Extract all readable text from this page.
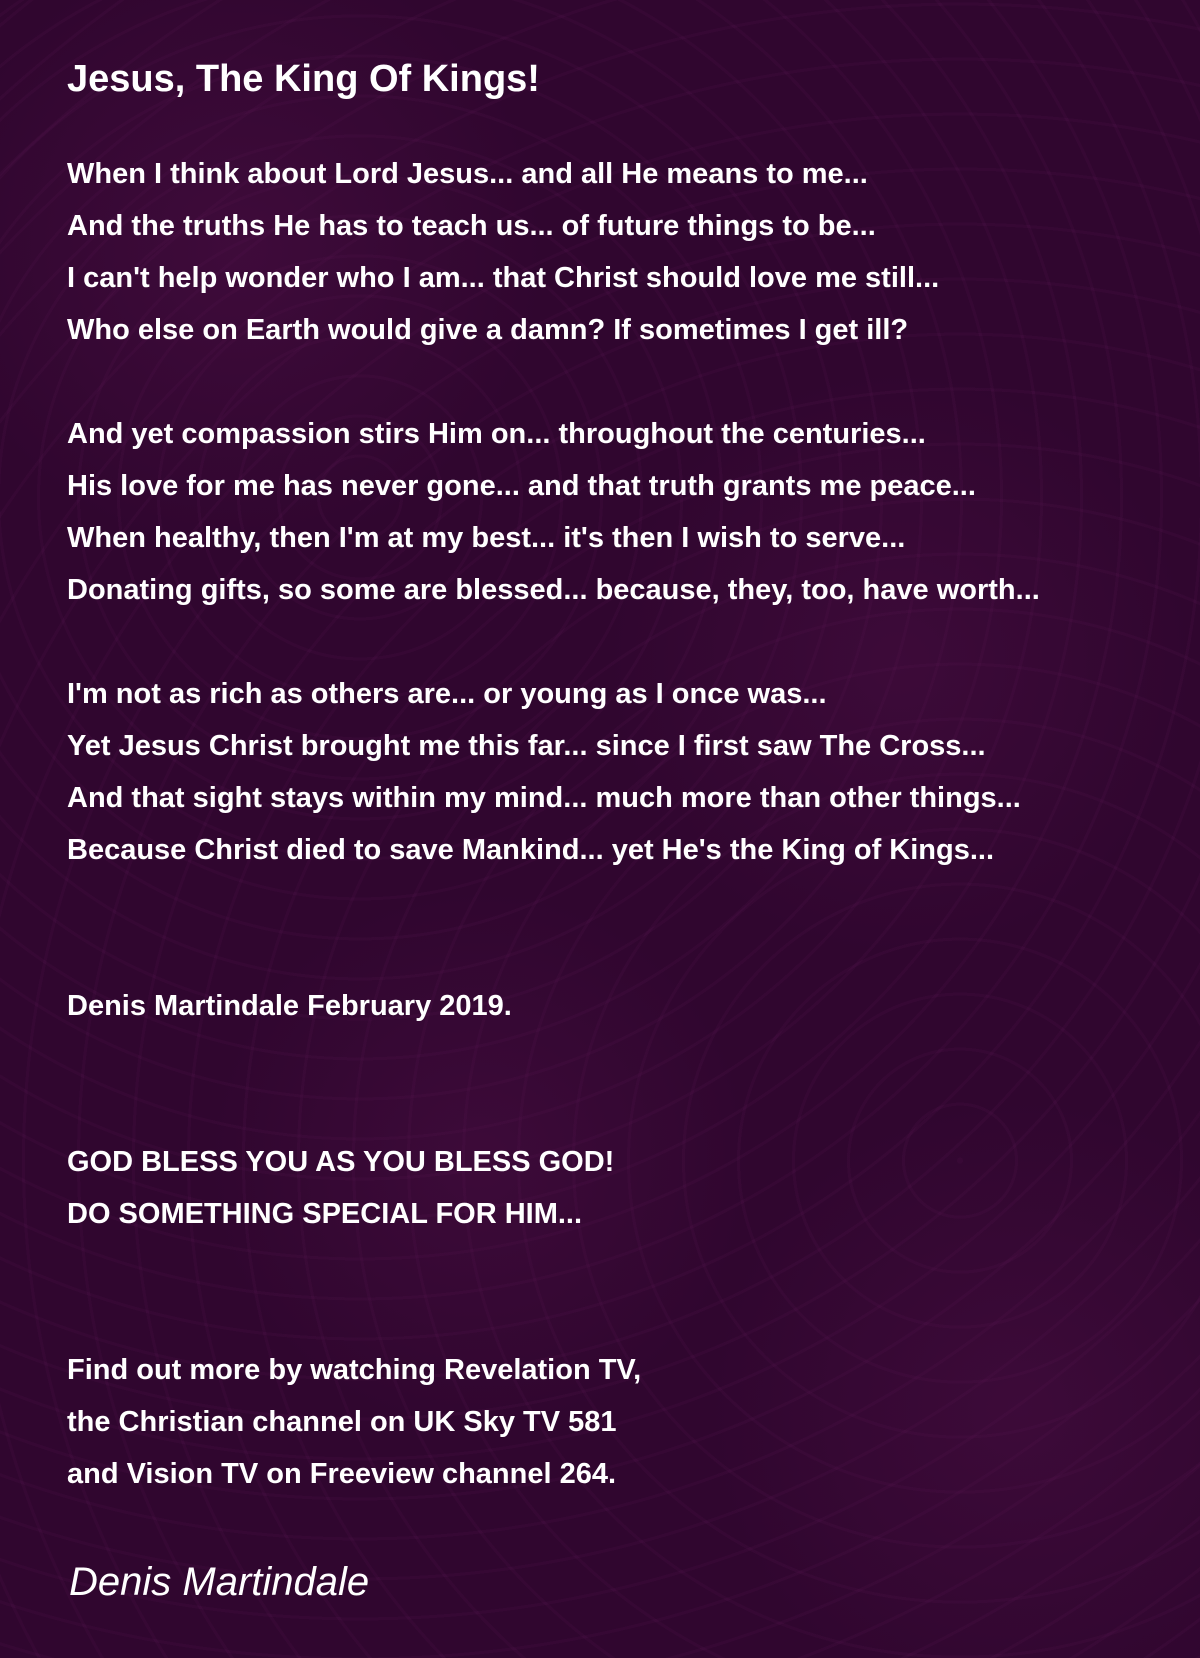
Jesus, The King Of Kings!
When I think about Lord Jesus... and all He means to me...
And the truths He has to teach us... of future things to be...
I can't help wonder who I am... that Christ should love me still...
Who else on Earth would give a damn? If sometimes I get ill?
And yet compassion stirs Him on... throughout the centuries...
His love for me has never gone... and that truth grants me peace...
When healthy, then I'm at my best... it's then I wish to serve...
Donating gifts, so some are blessed... because, they, too, have worth...
I'm not as rich as others are... or young as I once was...
Yet Jesus Christ brought me this far... since I first saw The Cross...
And that sight stays within my mind... much more than other things...
Because Christ died to save Mankind... yet He's the King of Kings...
Denis Martindale February 2019.
GOD BLESS YOU AS YOU BLESS GOD!
DO SOMETHING SPECIAL FOR HIM...
Find out more by watching Revelation TV,
the Christian channel on UK Sky TV 581
and Vision TV on Freeview channel 264.
Denis Martindale
